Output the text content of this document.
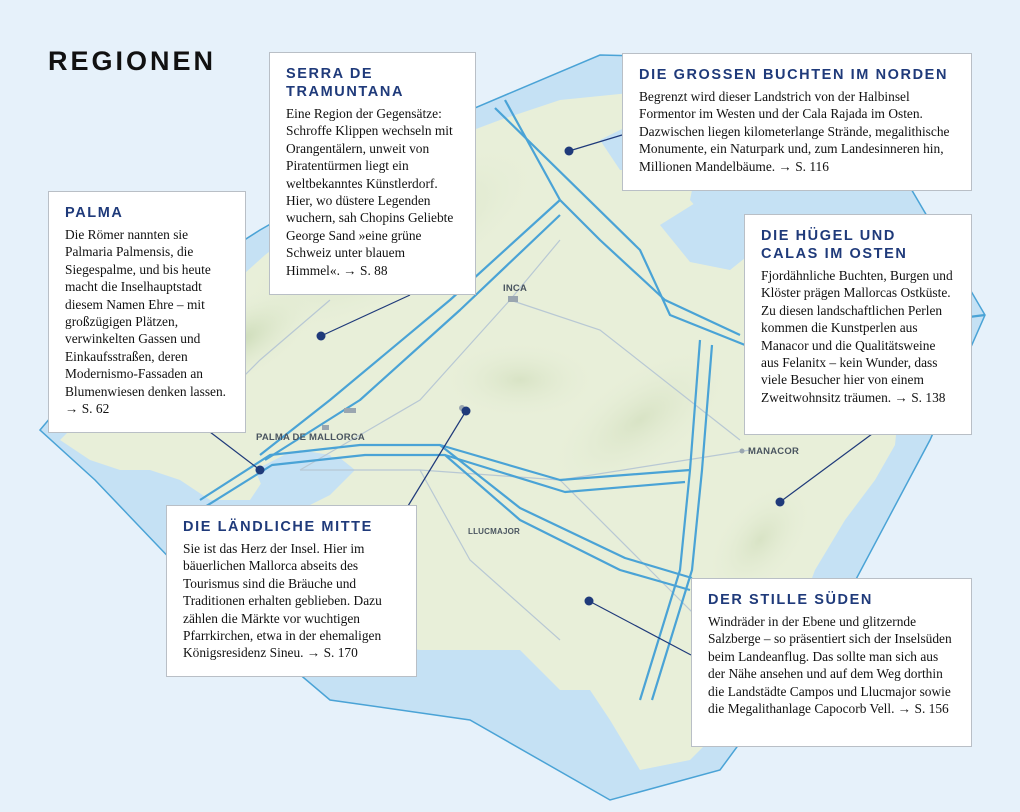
INCA
PALMA DE MALLORCA
MANACOR
LLUCMAJOR
REGIONEN
PALMA

Die Römer nannten sie Palmaria Palmensis, die Siegespalme, und bis heute macht die Inselhauptstadt diesem Namen Ehre – mit großzügigen Plätzen, verwinkelten Gassen und Einkaufsstraßen, deren Modernismo-Fassaden an Blumenwiesen denken lassen. → S. 62

SERRA DE TRAMUNTANA

Eine Region der Gegensätze: Schroffe Klippen wechseln mit Orangentälern, unweit von Piratentürmen liegt ein weltbekanntes Künstlerdorf. Hier, wo düstere Legenden wuchern, sah Chopins Geliebte George Sand »eine grüne Schweiz unter blauem Himmel«. → S. 88

DIE GROSSEN BUCHTEN IM NORDEN

Begrenzt wird dieser Landstrich von der Halbinsel Formentor im Westen und der Cala Rajada im Osten. Dazwischen liegen kilometerlange Strände, megalithische Monumente, ein Naturpark und, zum Landesinneren hin, Millionen Mandelbäume. → S. 116

DIE HÜGEL UND CALAS IM OSTEN

Fjordähnliche Buchten, Burgen und Klöster prägen Mallorcas Ostküste. Zu diesen landschaftlichen Perlen kommen die Kunstperlen aus Manacor und die Qualitätsweine aus Felanitx – kein Wunder, dass viele Besucher hier von einem Zweitwohnsitz träumen. → S. 138

DIE LÄNDLICHE MITTE

Sie ist das Herz der Insel. Hier im bäuerlichen Mallorca abseits des Tourismus sind die Bräuche und Traditionen erhalten geblieben. Dazu zählen die Märkte vor wuchtigen Pfarrkirchen, etwa in der ehemaligen Königsresidenz Sineu. → S. 170

DER STILLE SÜDEN

Windräder in der Ebene und glitzernde Salzberge – so präsentiert sich der Inselsüden beim Landeanflug. Das sollte man sich aus der Nähe ansehen und auf dem Weg dorthin die Landstädte Campos und Llucmajor sowie die Megalithanlage Capocorb Vell. → S. 156
